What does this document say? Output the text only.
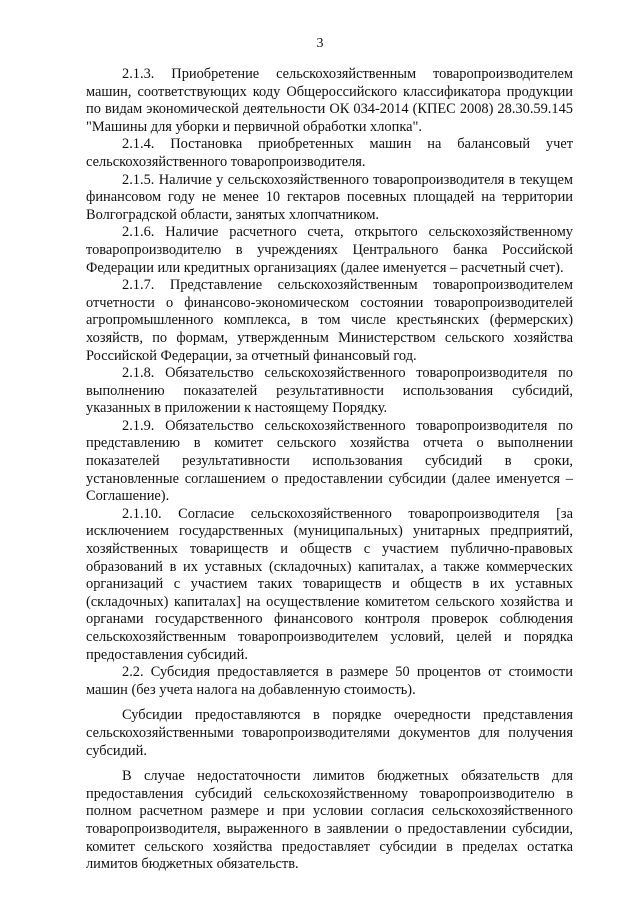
3

2.1.3. Приобретение сельскохозяйственным товаропроизводителем машин, соответствующих коду Общероссийского классификатора продукции по видам экономической деятельности ОК 034-2014 (КПЕС 2008) 28.30.59.145 "Машины для уборки и первичной обработки хлопка".

2.1.4. Постановка приобретенных машин на балансовый учет сельскохозяйственного товаропроизводителя.

2.1.5. Наличие у сельскохозяйственного товаропроизводителя в текущем финансовом году не менее 10 гектаров посевных площадей на территории Волгоградской области, занятых хлопчатником.

2.1.6. Наличие расчетного счета, открытого сельскохозяйственному товаропроизводителю в учреждениях Центрального банка Российской Федерации или кредитных организациях (далее именуется – расчетный счет).

2.1.7. Представление сельскохозяйственным товаропроизводителем отчетности о финансово-экономическом состоянии товаропроизводителей агропромышленного комплекса, в том числе крестьянских (фермерских) хозяйств, по формам, утвержденным Министерством сельского хозяйства Российской Федерации, за отчетный финансовый год.

2.1.8. Обязательство сельскохозяйственного товаропроизводителя по выполнению показателей результативности использования субсидий, указанных в приложении к настоящему Порядку.

2.1.9. Обязательство сельскохозяйственного товаропроизводителя по представлению в комитет сельского хозяйства отчета о выполнении показателей результативности использования субсидий в сроки, установленные соглашением о предоставлении субсидии (далее именуется – Соглашение).

2.1.10. Согласие сельскохозяйственного товаропроизводителя [за исключением государственных (муниципальных) унитарных предприятий, хозяйственных товариществ и обществ с участием публично-правовых образований в их уставных (складочных) капиталах, а также коммерческих организаций с участием таких товариществ и обществ в их уставных (складочных) капиталах] на осуществление комитетом сельского хозяйства и органами государственного финансового контроля проверок соблюдения сельскохозяйственным товаропроизводителем условий, целей и порядка предоставления субсидий.

2.2. Субсидия предоставляется в размере 50 процентов от стоимости машин (без учета налога на добавленную стоимость).

Субсидии предоставляются в порядке очередности представления сельскохозяйственными товаропроизводителями документов для получения субсидий.

В случае недостаточности лимитов бюджетных обязательств для предоставления субсидий сельскохозяйственному товаропроизводителю в полном расчетном размере и при условии согласия сельскохозяйственного товаропроизводителя, выраженного в заявлении о предоставлении субсидии, комитет сельского хозяйства предоставляет субсидии в пределах остатка лимитов бюджетных обязательств.
